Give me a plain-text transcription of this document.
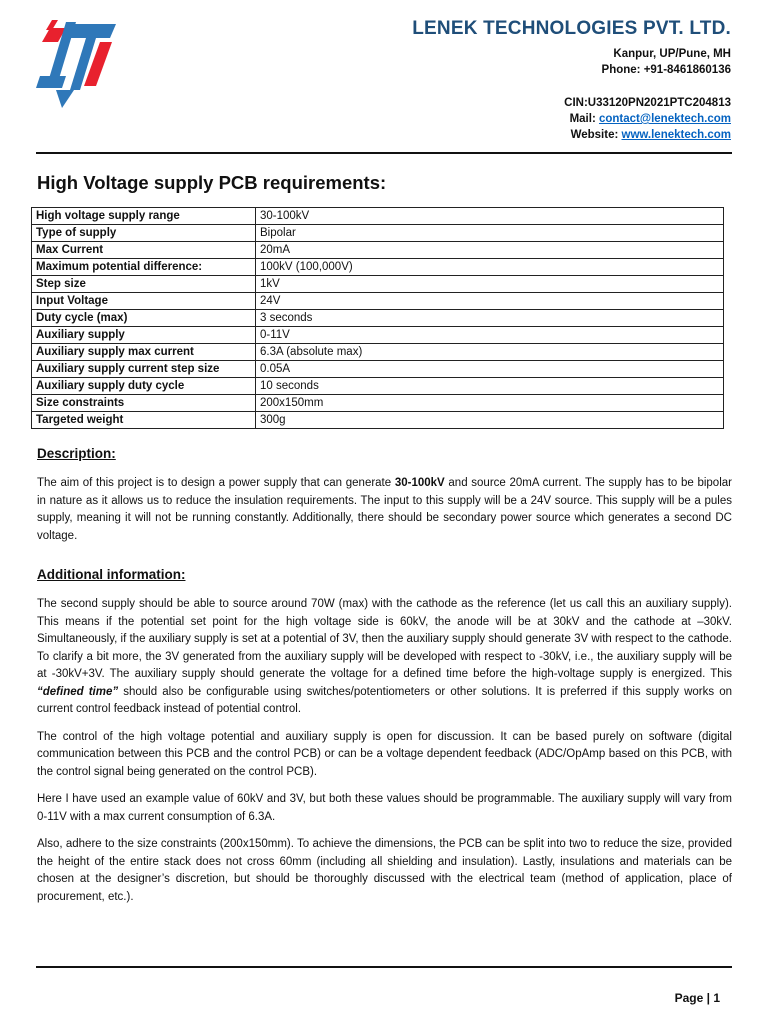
LENEK TECHNOLOGIES PVT. LTD.
Kanpur, UP/Pune, MH
Phone: +91-8461860136
CIN:U33120PN2021PTC204813
Mail: contact@lenektech.com
Website: www.lenektech.com
High Voltage supply PCB requirements:
High voltage supply range	30-100kV
Type of supply	Bipolar
Max Current	20mA
Maximum potential difference:	100kV (100,000V)
Step size	1kV
Input Voltage	24V
Duty cycle (max)	3 seconds
Auxiliary supply	0-11V
Auxiliary supply max current	6.3A (absolute max)
Auxiliary supply current step size	0.05A
Auxiliary supply duty cycle	10 seconds
Size constraints	200x150mm
Targeted weight	300g
Description:

The aim of this project is to design a power supply that can generate 30-100kV and source 20mA current. The supply has to be bipolar in nature as it allows us to reduce the insulation requirements. The input to this supply will be a 24V source. This supply will be a pules supply, meaning it will not be running constantly. Additionally, there should be secondary power source which generates a second DC voltage.

Additional information:

The second supply should be able to source around 70W (max) with the cathode as the reference (let us call this an auxiliary supply). This means if the potential set point for the high voltage side is 60kV, the anode will be at 30kV and the cathode at –30kV. Simultaneously, if the auxiliary supply is set at a potential of 3V, then the auxiliary supply should generate 3V with respect to the cathode. To clarify a bit more, the 3V generated from the auxiliary supply will be developed with respect to -30kV, i.e., the auxiliary supply will be at -30kV+3V. The auxiliary supply should generate the voltage for a defined time before the high-voltage supply is energized. This “defined time” should also be configurable using switches/potentiometers or other solutions. It is preferred if this supply works on current control feedback instead of potential control.

The control of the high voltage potential and auxiliary supply is open for discussion. It can be based purely on software (digital communication between this PCB and the control PCB) or can be a voltage dependent feedback (ADC/OpAmp based on this PCB, with the control signal being generated on the control PCB).

Here I have used an example value of 60kV and 3V, but both these values should be programmable. The auxiliary supply will vary from 0-11V with a max current consumption of 6.3A.

Also, adhere to the size constraints (200x150mm). To achieve the dimensions, the PCB can be split into two to reduce the size, provided the height of the entire stack does not cross 60mm (including all shielding and insulation). Lastly, insulations and materials can be chosen at the designer’s discretion, but should be thoroughly discussed with the electrical team (method of application, place of procurement, etc.).

Page | 1
